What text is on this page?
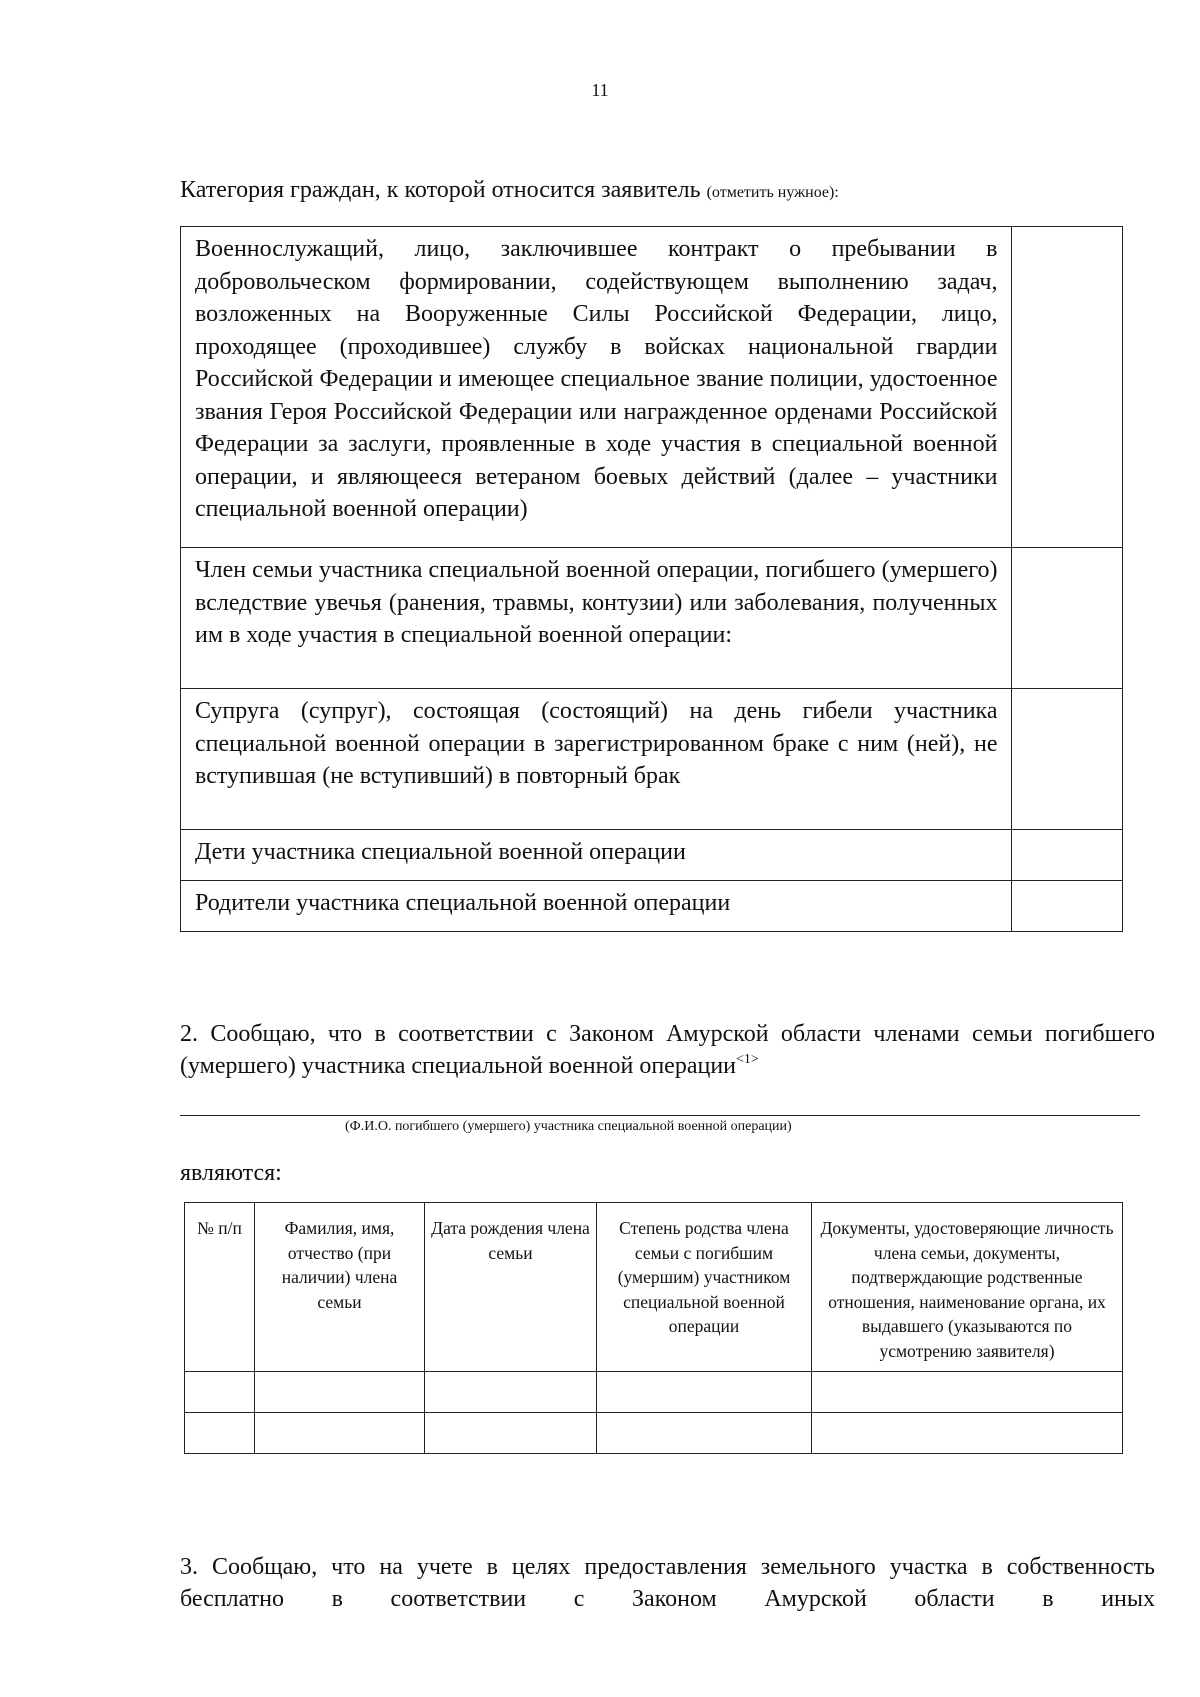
11
Категория граждан, к которой относится заявитель (отметить нужное):
Военнослужащий, лицо, заключившее контракт о пребывании в добровольческом формировании, содействующем выполнению задач, возложенных на Вооруженные Силы Российской Федерации, лицо, проходящее (проходившее) службу в войсках национальной гвардии Российской Федерации и имеющее специальное звание полиции, удостоенное звания Героя Российской Федерации или награжденное орденами Российской Федерации за заслуги, проявленные в ходе участия в специальной военной операции, и являющееся ветераном боевых действий (далее – участники специальной военной операции)	
Член семьи участника специальной военной операции, погибшего (умершего) вследствие увечья (ранения, травмы, контузии) или заболевания, полученных им в ходе участия в специальной военной операции:	
Супруга (супруг), состоящая (состоящий) на день гибели участника специальной военной операции в зарегистрированном браке с ним (ней), не вступившая (не вступивший) в повторный брак	
Дети участника специальной военной операции	
Родители участника специальной военной операции	
2. Сообщаю, что в соответствии с Законом Амурской области членами семьи погибшего (умершего) участника специальной военной операции$^{<1>}$
(Ф.И.О. погибшего (умершего) участника специальной военной операции)
являются:
№ п/п	Фамилия, имя, отчество (при наличии) члена семьи	Дата рождения члена семьи	Степень родства члена семьи с погибшим (умершим) участником специальной военной операции	Документы, удостоверяющие личность члена семьи, документы, подтверждающие родственные отношения, наименование органа, их выдавшего (указываются по усмотрению заявителя)

3. Сообщаю, что на учете в целях предоставления земельного участка в собственность бесплатно в соответствии с Законом Амурской области в иных
